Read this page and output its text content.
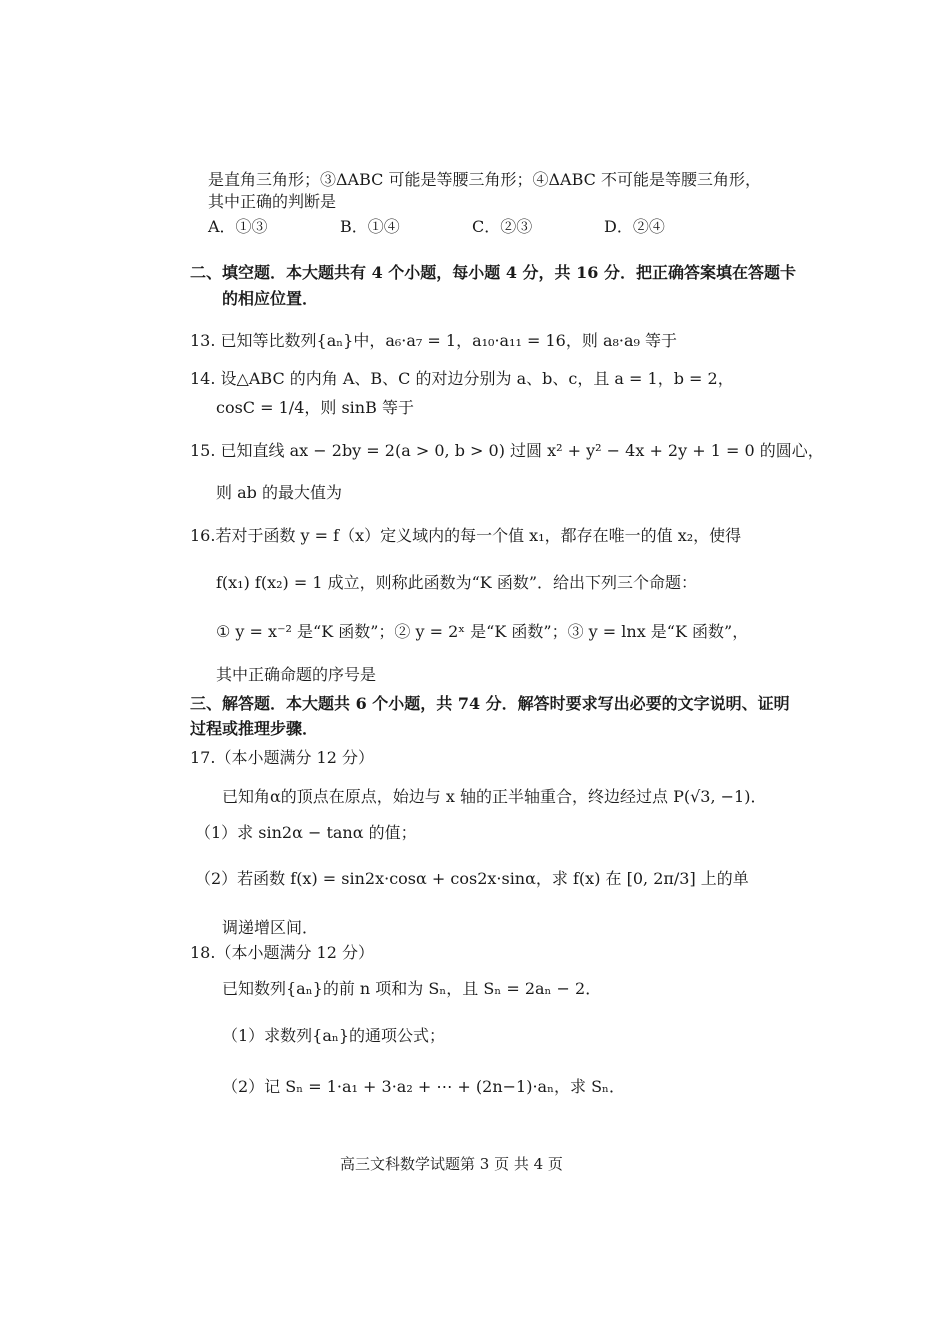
是直角三角形；③ΔABC 可能是等腰三角形；④ΔABC 不可能是等腰三角形，
其中正确的判断是
A．①③	B．①④	C．②③	D．②④
二、填空题．本大题共有 4 个小题，每小题 4 分，共 16 分．把正确答案填在答题卡
的相应位置．
13. 已知等比数列{aₙ}中，a₆·a₇ = 1，a₁₀·a₁₁ = 16，则 a₈·a₉ 等于
14. 设△ABC 的内角 A、B、C 的对边分别为 a、b、c，且 a = 1，b = 2，
cosC = 1/4，则 sinB 等于
15. 已知直线 ax − 2by = 2(a > 0, b > 0) 过圆 x² + y² − 4x + 2y + 1 = 0 的圆心，
则 ab 的最大值为
16.若对于函数 y = f（x）定义域内的每一个值 x₁，都存在唯一的值 x₂，使得
f(x₁) f(x₂) = 1 成立，则称此函数为“K 函数”．给出下列三个命题：
① y = x⁻² 是“K 函数”；② y = 2ˣ 是“K 函数”；③ y = lnx 是“K 函数”，
其中正确命题的序号是
三、解答题．本大题共 6 个小题，共 74 分．解答时要求写出必要的文字说明、证明
过程或推理步骤．
17.（本小题满分 12 分）
已知角α的顶点在原点，始边与 x 轴的正半轴重合，终边经过点 P(√3, −1)．
（1）求 sin2α − tanα 的值；
（2）若函数 f(x) = sin2x·cosα + cos2x·sinα，求 f(x) 在 [0, 2π/3] 上的单
调递增区间．
18.（本小题满分 12 分）
已知数列{aₙ}的前 n 项和为 Sₙ，且 Sₙ = 2aₙ − 2．
（1）求数列{aₙ}的通项公式；
（2）记 Sₙ = 1·a₁ + 3·a₂ + ⋯ + (2n−1)·aₙ，求 Sₙ．
高三文科数学试题第 3 页 共 4 页
